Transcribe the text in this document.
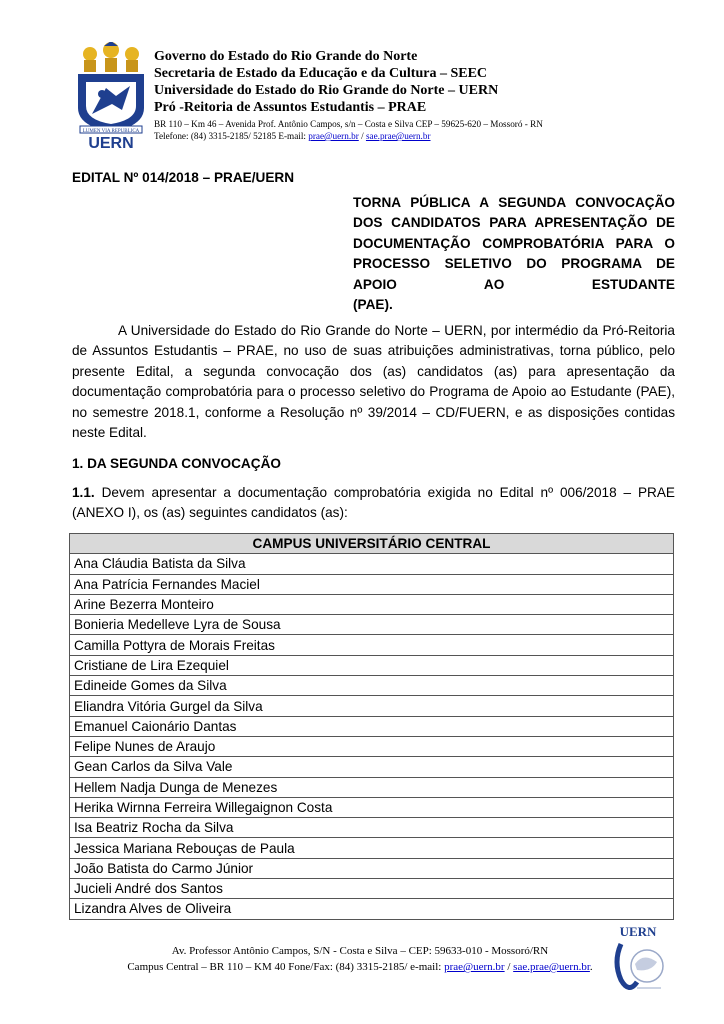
LUMEN VIA REPUBLICA
UERN
Governo do Estado do Rio Grande do Norte
Secretaria de Estado da Educação e da Cultura – SEEC
Universidade do Estado do Rio Grande do Norte – UERN
Pró -Reitoria de Assuntos Estudantis – PRAE
BR 110 – Km 46 – Avenida Prof. Antônio Campos, s/n – Costa e Silva CEP – 59625-620 – Mossoró - RN
Telefone: (84) 3315-2185/ 52185 E-mail: prae@uern.br / sae.prae@uern.br
EDITAL Nº 014/2018 – PRAE/UERN
TORNA PÚBLICA A SEGUNDA CONVOCAÇÃO DOS CANDIDATOS PARA APRESENTAÇÃO DE DOCUMENTAÇÃO COMPROBATÓRIA PARA O PROCESSO SELETIVO DO PROGRAMA DE APOIO AO ESTUDANTE
(PAE).
A Universidade do Estado do Rio Grande do Norte – UERN, por intermédio da Pró-Reitoria de Assuntos Estudantis – PRAE, no uso de suas atribuições administrativas, torna público, pelo presente Edital, a segunda convocação dos (as) candidatos (as) para apresentação da documentação comprobatória para o processo seletivo do Programa de Apoio ao Estudante (PAE), no semestre 2018.1, conforme a Resolução nº 39/2014 – CD/FUERN, e as disposições contidas neste Edital.
1. DA SEGUNDA CONVOCAÇÃO
1.1. Devem apresentar a documentação comprobatória exigida no Edital nº 006/2018 – PRAE (ANEXO I), os (as) seguintes candidatos (as):
CAMPUS UNIVERSITÁRIO CENTRAL
Ana Cláudia Batista da Silva
Ana Patrícia Fernandes Maciel
Arine Bezerra Monteiro
Bonieria Medelleve Lyra de Sousa
Camilla Pottyra de Morais Freitas
Cristiane de Lira Ezequiel
Edineide Gomes da Silva
Eliandra Vitória Gurgel da Silva
Emanuel Caionário Dantas
Felipe Nunes de Araujo
Gean Carlos da Silva Vale
Hellem Nadja Dunga de Menezes
Herika Wirnna Ferreira Willegaignon Costa
Isa Beatriz Rocha da Silva
Jessica Mariana Rebouças de Paula
João Batista do Carmo Júnior
Jucieli André dos Santos
Lizandra Alves de Oliveira
Av. Professor Antônio Campos, S/N - Costa e Silva – CEP: 59633-010 - Mossoró/RN
Campus Central – BR 110 – KM 40 Fone/Fax: (84) 3315-2185/ e-mail: prae@uern.br / sae.prae@uern.br.
UERN
